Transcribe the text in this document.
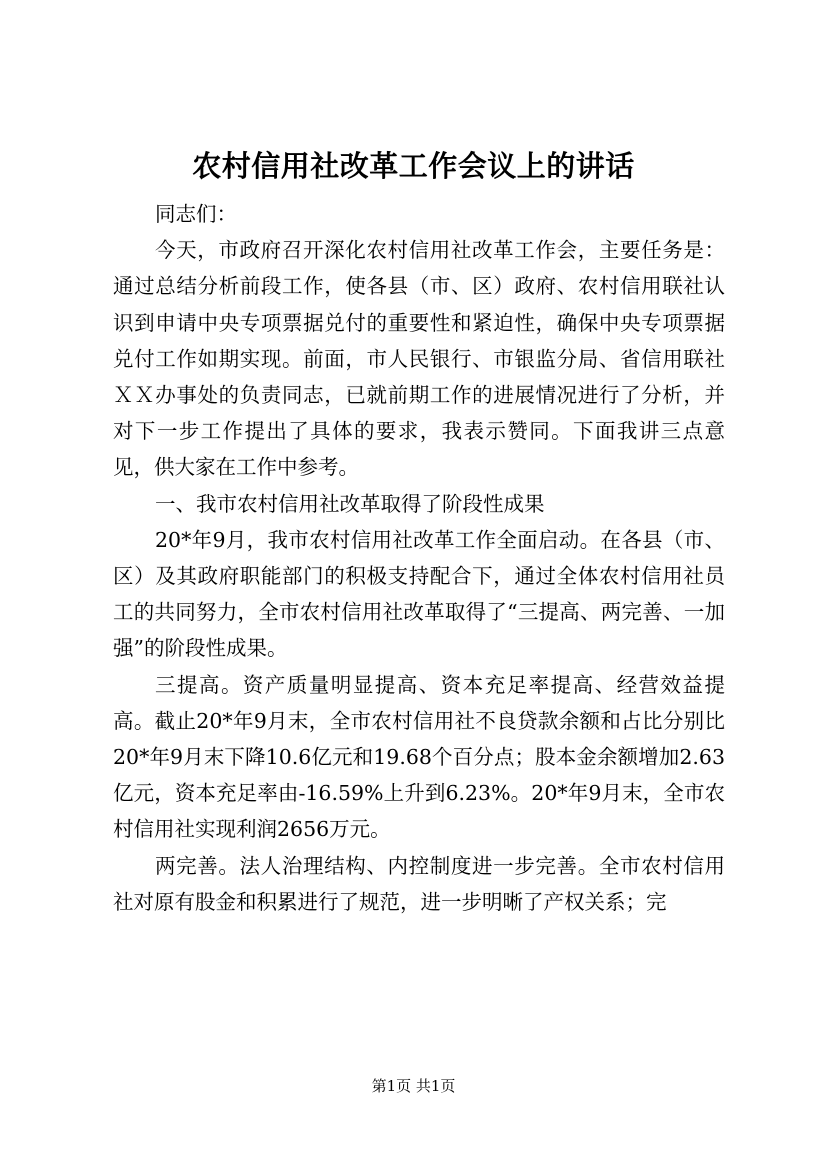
农村信用社改革工作会议上的讲话

同志们：

今天，市政府召开深化农村信用社改革工作会，主要任务是：通过总结分析前段工作，使各县（市、区）政府、农村信用联社认识到申请中央专项票据兑付的重要性和紧迫性，确保中央专项票据兑付工作如期实现。前面，市人民银行、市银监分局、省信用联社ＸＸ办事处的负责同志，已就前期工作的进展情况进行了分析，并对下一步工作提出了具体的要求，我表示赞同。下面我讲三点意见，供大家在工作中参考。

一、我市农村信用社改革取得了阶段性成果

20*年9月，我市农村信用社改革工作全面启动。在各县（市、区）及其政府职能部门的积极支持配合下，通过全体农村信用社员工的共同努力，全市农村信用社改革取得了“三提高、两完善、一加强”的阶段性成果。

三提高。资产质量明显提高、资本充足率提高、经营效益提高。截止20*年9月末，全市农村信用社不良贷款余额和占比分别比20*年9月末下降10.6亿元和19.68个百分点；股本金余额增加2.63亿元，资本充足率由-16.59%上升到6.23%。20*年9月末，全市农村信用社实现利润2656万元。

两完善。法人治理结构、内控制度进一步完善。全市农村信用社对原有股金和积累进行了规范，进一步明晰了产权关系；完

第1页 共1页
